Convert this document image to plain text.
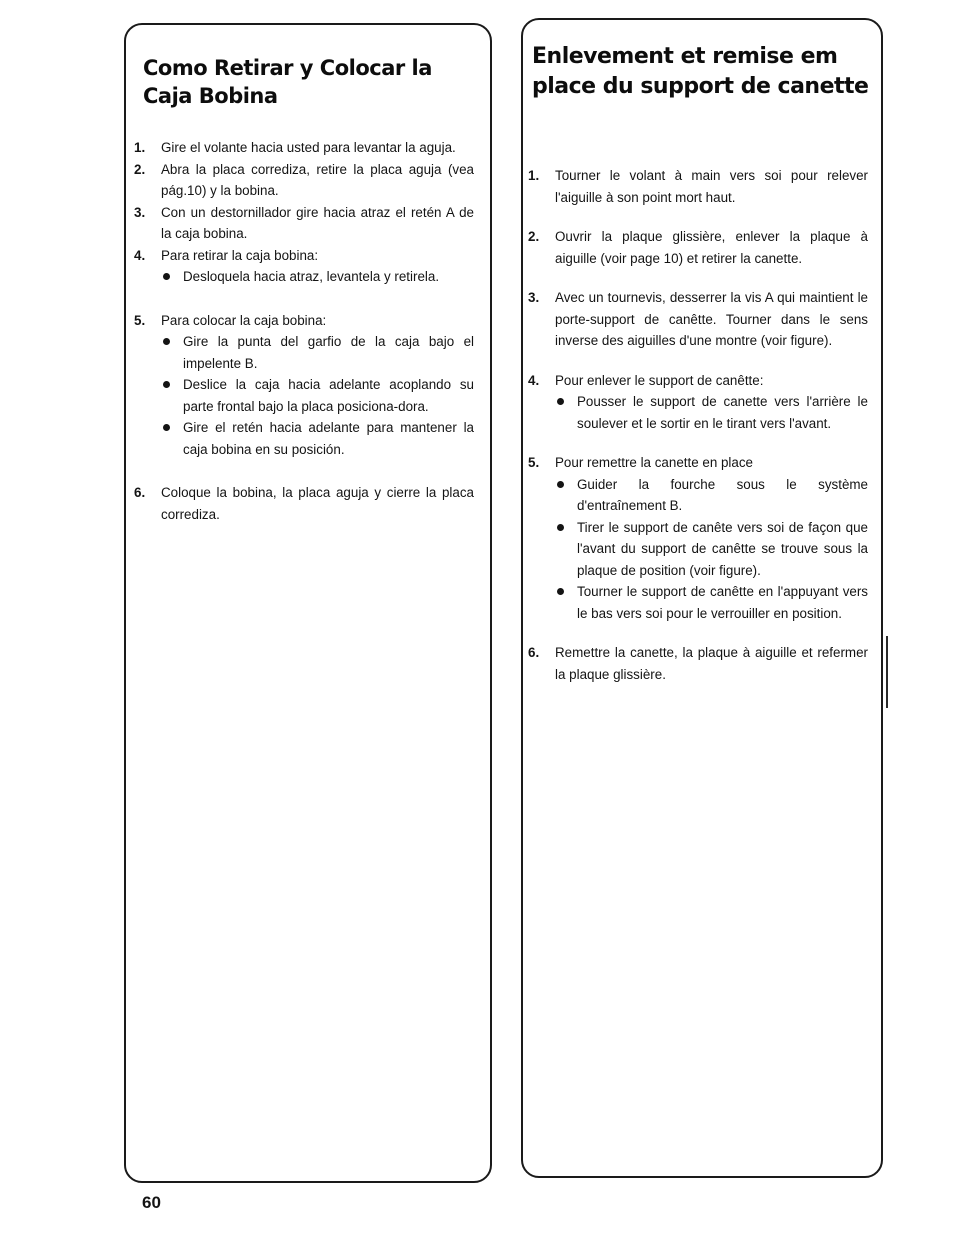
Como Retirar y Colocar la Caja Bobina
1. Gire el volante hacia usted para levantar la aguja.
2. Abra la placa corrediza, retire la placa aguja (vea pág.10) y la bobina.
3. Con un destornillador gire hacia atraz el retén A de la caja bobina.
4. Para retirar la caja bobina:
Desloquela hacia atraz, levantela y retirela.
5. Para colocar la caja bobina:
Gire la punta del garfio de la caja bajo el impelente B.
Deslice la caja hacia adelante acoplando su parte frontal bajo la placa posiciona-dora.
Gire el retén hacia adelante para mantener la caja bobina en su posición.
6. Coloque la bobina, la placa aguja y cierre la placa corrediza.
Enlevement et remise em place du support de canette
1. Tourner le volant à main vers soi pour relever l'aiguille à son point mort haut.
2. Ouvrir la plaque glissière, enlever la plaque à aiguille (voir page 10) et retirer la canette.
3. Avec un tournevis, desserrer la vis A qui maintient le porte-support de canêtte. Tourner dans le sens inverse des aiguilles d'une montre (voir figure).
4. Pour enlever le support de canêtte:
Pousser le support de canette vers l'arrière le soulever et le sortir en le tirant vers l'avant.
5. Pour remettre la canette en place
Guider la fourche sous le système d'entraînement B.
Tirer le support de canête vers soi de façon que l'avant du support de canêtte se trouve sous la plaque de position (voir figure).
Tourner le support de canêtte en l'appuyant vers le bas vers soi pour le verrouiller en position.
6. Remettre la canette, la plaque à aiguille et refermer la plaque glissière.
60
